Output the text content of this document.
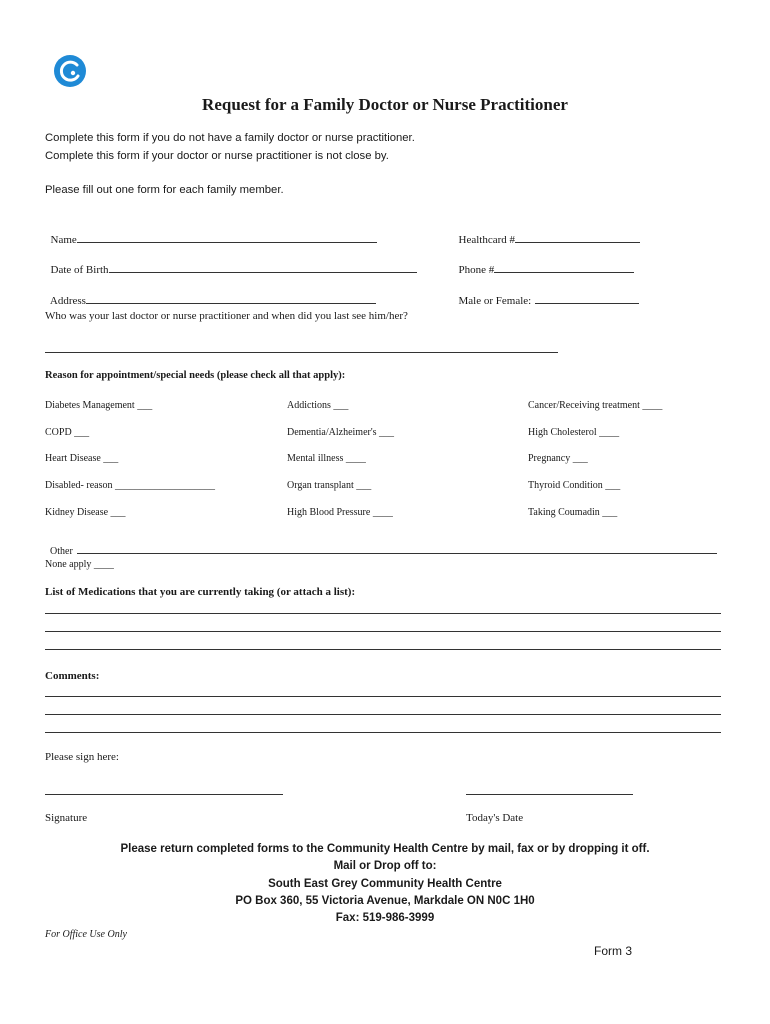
Request for a Family Doctor or Nurse Practitioner
Complete this form if you do not have a family doctor or nurse practitioner.
Complete this form if your doctor or nurse practitioner is not close by.
Please fill out one form for each family member.

Name	Healthcard #

Date of Birth	Phone #

Address	Male or Female:

Who was your last doctor or nurse practitioner and when did you last see him/her?
Reason for appointment/special needs (please check all that apply):
Diabetes Management ___	Addictions ___	Cancer/Receiving treatment ____
COPD ___	Dementia/Alzheimer's ___	High Cholesterol ____
Heart Disease ___	Mental illness ____	Pregnancy ___
Disabled- reason ____________________	Organ transplant ___	Thyroid Condition ___
Kidney Disease ___	High Blood Pressure ____	Taking Coumadin ___

Other

None apply ____
List of Medications that you are currently taking (or attach a list):
Comments:
Please sign here:
Signature	Today's Date
Please return completed forms to the Community Health Centre by mail, fax or by dropping it off.
Mail or Drop off to:
South East Grey Community Health Centre
PO Box 360, 55 Victoria Avenue, Markdale ON N0C 1H0
Fax: 519-986-3999
For Office Use Only
Form 3
